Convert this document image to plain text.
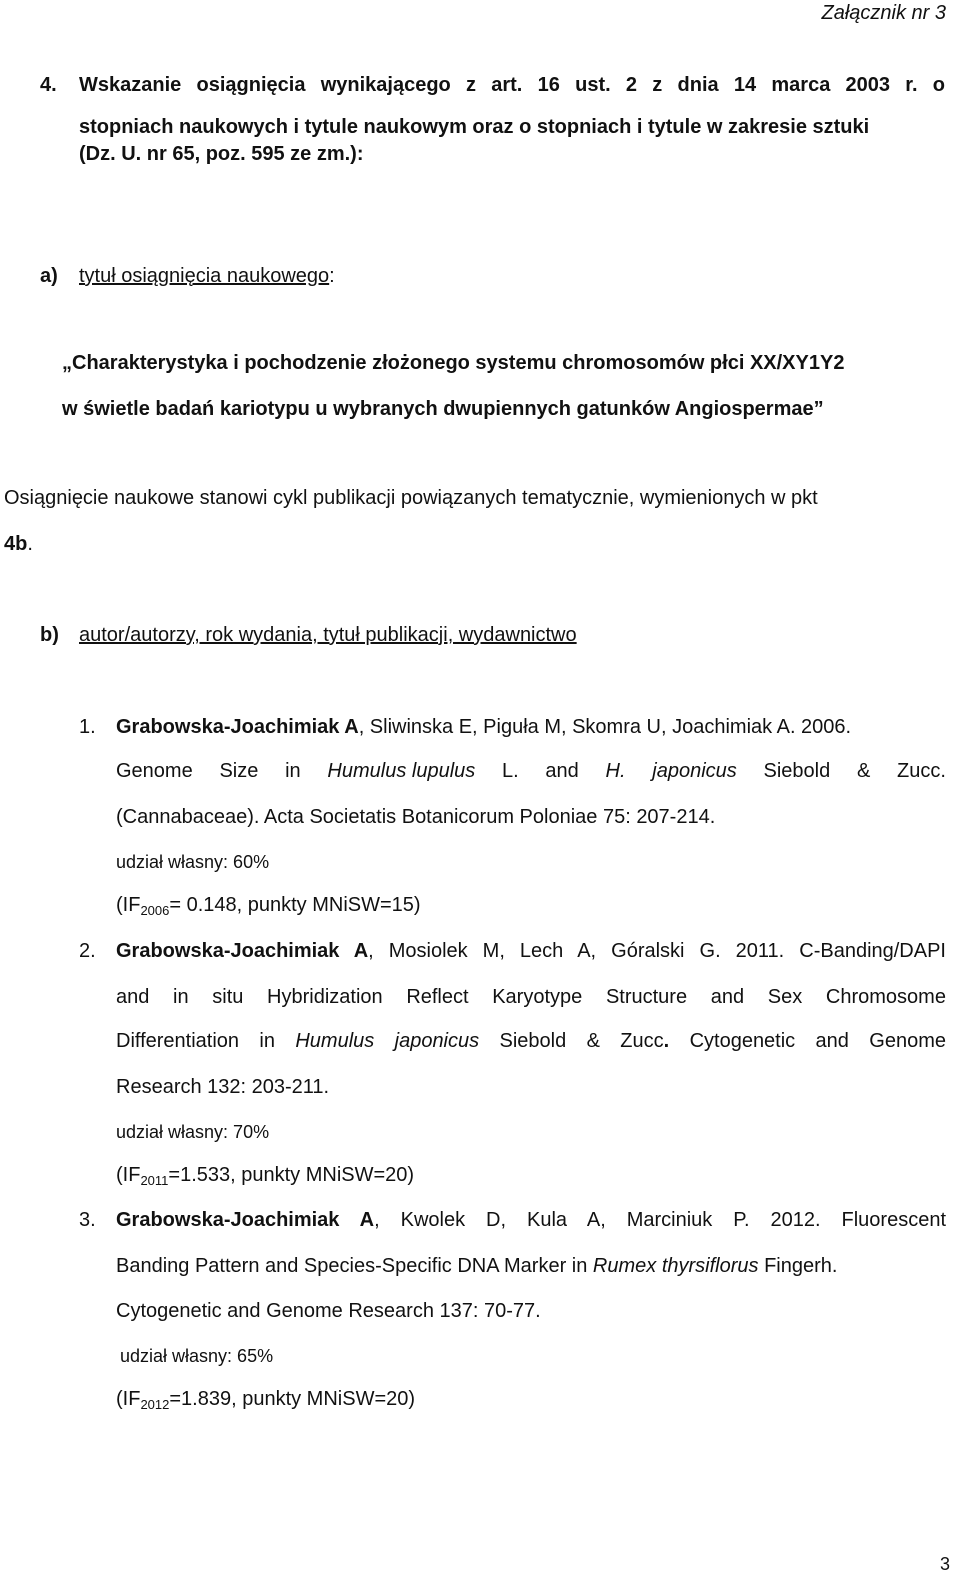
Załącznik nr 3
4. Wskazanie osiągnięcia wynikającego z art. 16 ust. 2 z dnia 14 marca 2003 r. o
stopniach naukowych i tytule naukowym oraz o stopniach i tytule w zakresie sztuki
(Dz. U. nr 65, poz. 595 ze zm.):
a) tytuł osiągnięcia naukowego:
„Charakterystyka i pochodzenie złożonego systemu chromosomów płci XX/XY1Y2
w świetle badań kariotypu u wybranych dwupiennych gatunków Angiospermae”
Osiągnięcie naukowe stanowi cykl publikacji powiązanych tematycznie, wymienionych w pkt
4b.
b) autor/autorzy, rok wydania, tytuł publikacji, wydawnictwo
1. Grabowska-Joachimiak A, Sliwinska E, Piguła M, Skomra U, Joachimiak A. 2006.
Genome Size in Humulus lupulus L. and H. japonicus Siebold & Zucc.
(Cannabaceae). Acta Societatis Botanicorum Poloniae 75: 207-214.
udział własny: 60%
($IF_{2006}= 0.148$, punkty MNiSW=15)
2. Grabowska-Joachimiak A, Mosiolek M, Lech A, Góralski G. 2011. C-Banding/DAPI
and in situ Hybridization Reflect Karyotype Structure and Sex Chromosome
Differentiation in Humulus japonicus Siebold & Zucc. Cytogenetic and Genome
Research 132: 203-211.
udział własny: 70%
($IF_{2011}=1.533$, punkty MNiSW=20)
3. Grabowska-Joachimiak A, Kwolek D, Kula A, Marciniuk P. 2012. Fluorescent
Banding Pattern and Species-Specific DNA Marker in Rumex thyrsiflorus Fingerh.
Cytogenetic and Genome Research 137: 70-77.
udział własny: 65%
($IF_{2012}=1.839$, punkty MNiSW=20)
3
